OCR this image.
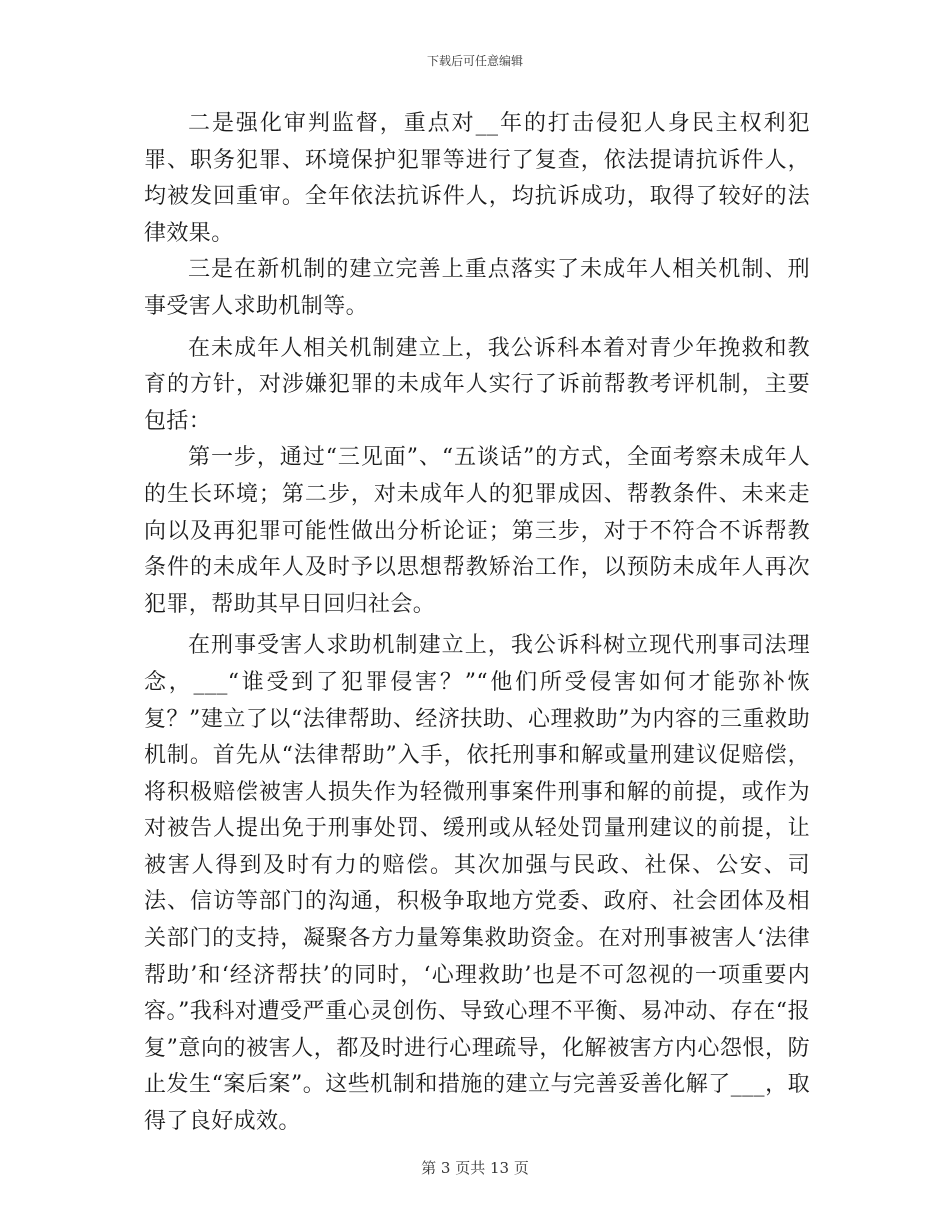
下载后可任意编辑

二是强化审判监督，重点对__年的打击侵犯人身民主权利犯罪、职务犯罪、环境保护犯罪等进行了复查，依法提请抗诉件人，均被发回重审。全年依法抗诉件人，均抗诉成功，取得了较好的法律效果。

三是在新机制的建立完善上重点落实了未成年人相关机制、刑事受害人求助机制等。

在未成年人相关机制建立上，我公诉科本着对青少年挽救和教育的方针，对涉嫌犯罪的未成年人实行了诉前帮教考评机制，主要包括：

第一步，通过“三见面”、“五谈话”的方式，全面考察未成年人的生长环境；第二步，对未成年人的犯罪成因、帮教条件、未来走向以及再犯罪可能性做出分析论证；第三步，对于不符合不诉帮教条件的未成年人及时予以思想帮教矫治工作，以预防未成年人再次犯罪，帮助其早日回归社会。

在刑事受害人求助机制建立上，我公诉科树立现代刑事司法理念，___“谁受到了犯罪侵害？”“他们所受侵害如何才能弥补恢复？”建立了以“法律帮助、经济扶助、心理救助”为内容的三重救助机制。首先从“法律帮助”入手，依托刑事和解或量刑建议促赔偿，将积极赔偿被害人损失作为轻微刑事案件刑事和解的前提，或作为对被告人提出免于刑事处罚、缓刑或从轻处罚量刑建议的前提，让被害人得到及时有力的赔偿。其次加强与民政、社保、公安、司法、信访等部门的沟通，积极争取地方党委、政府、社会团体及相关部门的支持，凝聚各方力量筹集救助资金。在对刑事被害人‘法律帮助’和‘经济帮扶’的同时，‘心理救助’也是不可忽视的一项重要内容。”我科对遭受严重心灵创伤、导致心理不平衡、易冲动、存在“报复”意向的被害人，都及时进行心理疏导，化解被害方内心怨恨，防止发生“案后案”。这些机制和措施的建立与完善妥善化解了___，取得了良好成效。

第 3 页共 13 页
